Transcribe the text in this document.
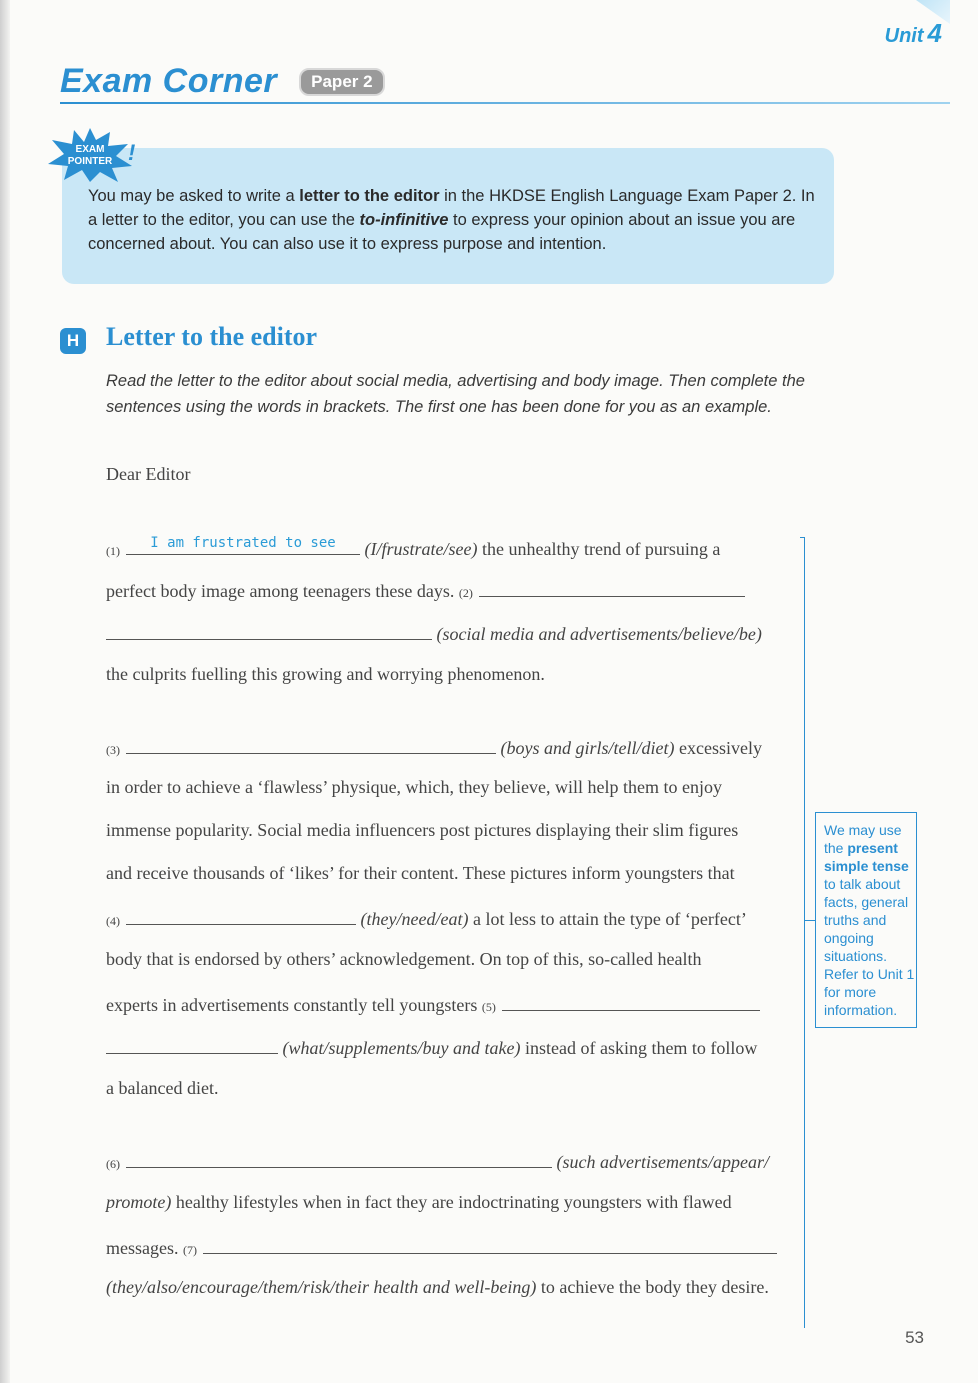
Unit 4
Exam Corner	Paper 2
EXAM POINTER !
You may be asked to write a letter to the editor in the HKDSE English Language Exam Paper 2. In a letter to the editor, you can use the to-infinitive to express your opinion about an issue you are concerned about. You can also use it to express purpose and intention.
H Letter to the editor
Read the letter to the editor about social media, advertising and body image. Then complete the sentences using the words in brackets. The first one has been done for you as an example.
Dear Editor
(1)	I am frustrated to see	(I/frustrate/see) the unhealthy trend of pursuing a
perfect body image among teenagers these days. (2)
(social media and advertisements/believe/be)
the culprits fuelling this growing and worrying phenomenon.
(3)	(boys and girls/tell/diet) excessively
in order to achieve a ‘flawless’ physique, which, they believe, will help them to enjoy
immense popularity. Social media influencers post pictures displaying their slim figures
and receive thousands of ‘likes’ for their content. These pictures inform youngsters that
(4)	(they/need/eat) a lot less to attain the type of ‘perfect’
body that is endorsed by others’ acknowledgement. On top of this, so-called health
experts in advertisements constantly tell youngsters (5)
(what/supplements/buy and take) instead of asking them to follow
a balanced diet.
(6)	(such advertisements/appear/
promote) healthy lifestyles when in fact they are indoctrinating youngsters with flawed
messages. (7)
(they/also/encourage/them/risk/their health and well-being) to achieve the body they desire.
We may use the present simple tense to talk about facts, general truths and ongoing situations. Refer to Unit 1 for more information.
53
